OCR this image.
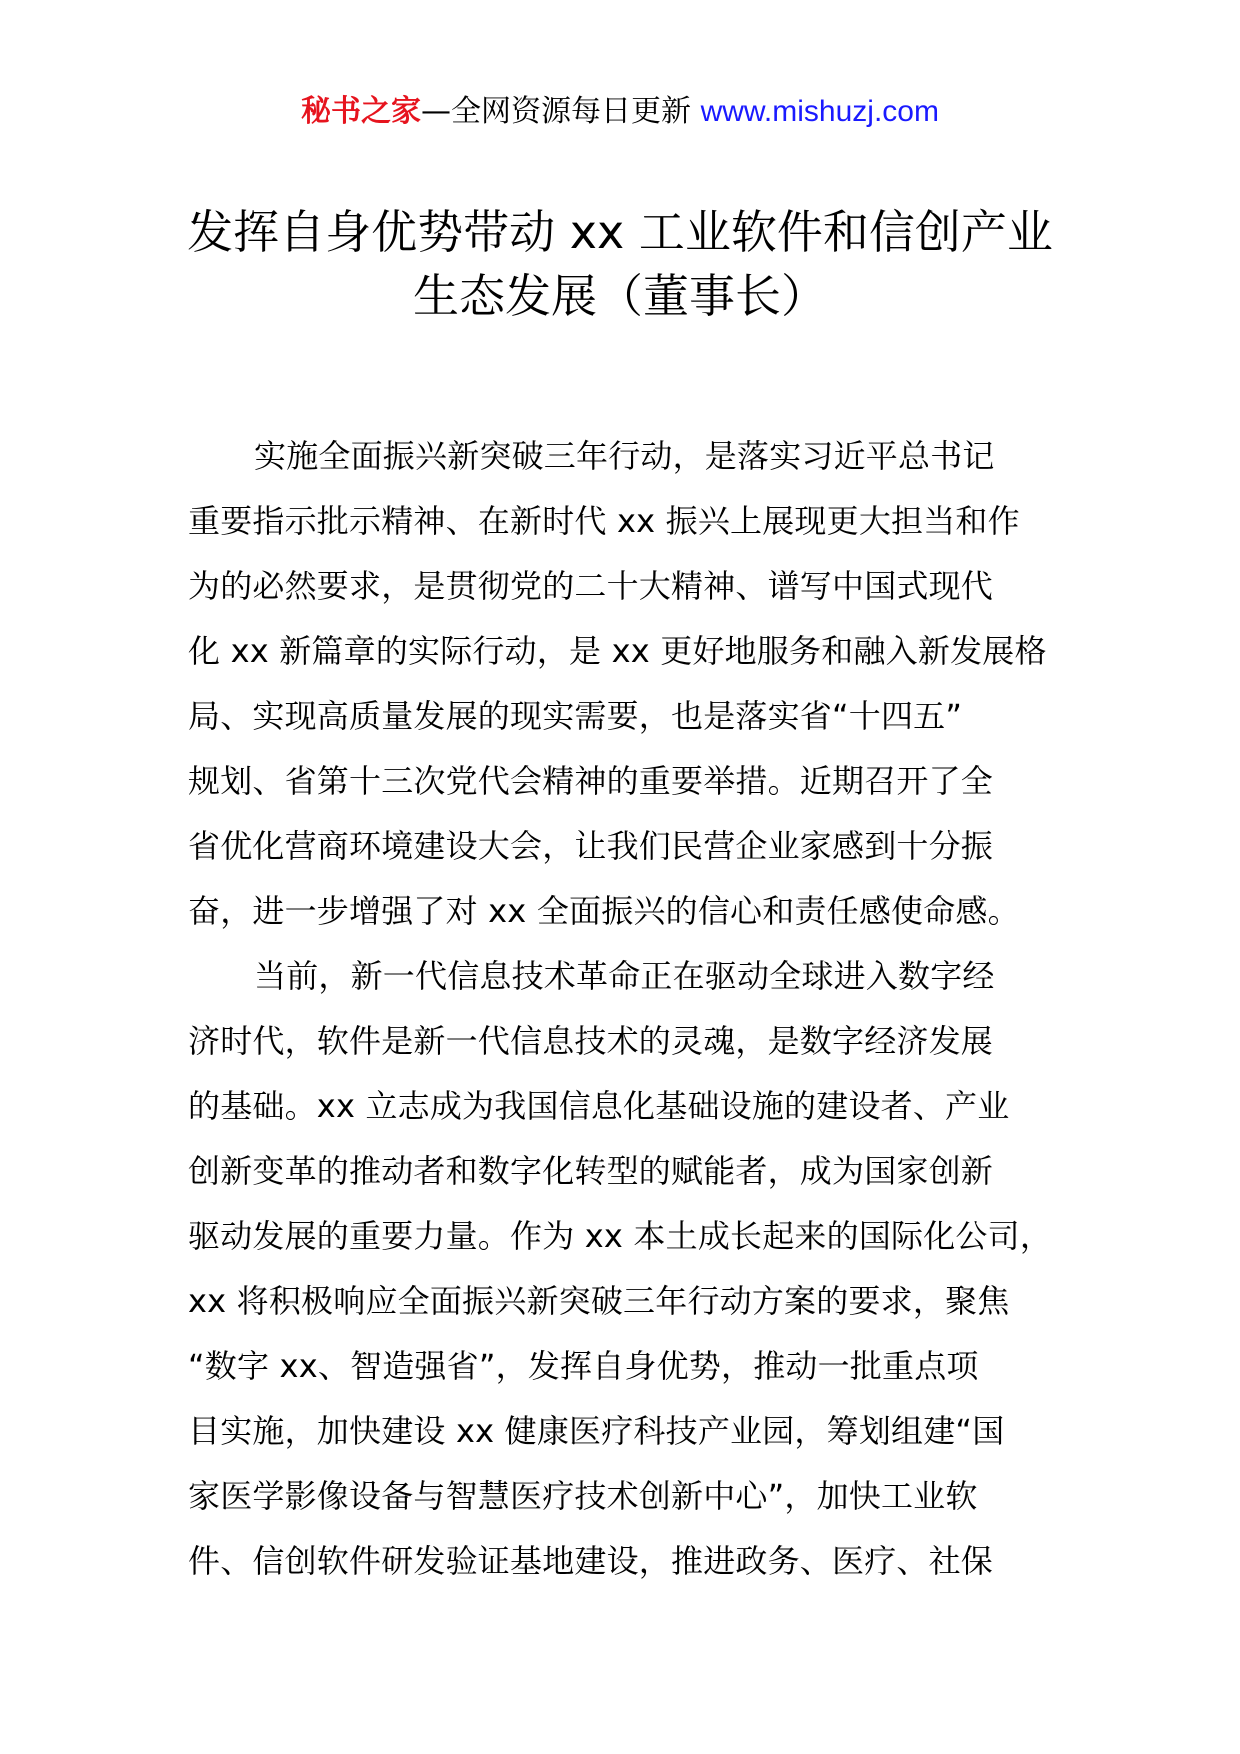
秘书之家—全网资源每日更新 www.mishuzj.com
发挥自身优势带动 xx 工业软件和信创产业
生态发展（董事长）
实施全面振兴新突破三年行动，是落实习近平总书记
重要指示批示精神、在新时代 xx 振兴上展现更大担当和作
为的必然要求，是贯彻党的二十大精神、谱写中国式现代
化 xx 新篇章的实际行动，是 xx 更好地服务和融入新发展格
局、实现高质量发展的现实需要，也是落实省“十四五”
规划、省第十三次党代会精神的重要举措。近期召开了全
省优化营商环境建设大会，让我们民营企业家感到十分振
奋，进一步增强了对 xx 全面振兴的信心和责任感使命感。
当前，新一代信息技术革命正在驱动全球进入数字经
济时代，软件是新一代信息技术的灵魂，是数字经济发展
的基础。xx 立志成为我国信息化基础设施的建设者、产业
创新变革的推动者和数字化转型的赋能者，成为国家创新
驱动发展的重要力量。作为 xx 本土成长起来的国际化公司，
xx 将积极响应全面振兴新突破三年行动方案的要求，聚焦
“数字 xx、智造强省”，发挥自身优势，推动一批重点项
目实施，加快建设 xx 健康医疗科技产业园，筹划组建“国
家医学影像设备与智慧医疗技术创新中心”，加快工业软
件、信创软件研发验证基地建设，推进政务、医疗、社保
